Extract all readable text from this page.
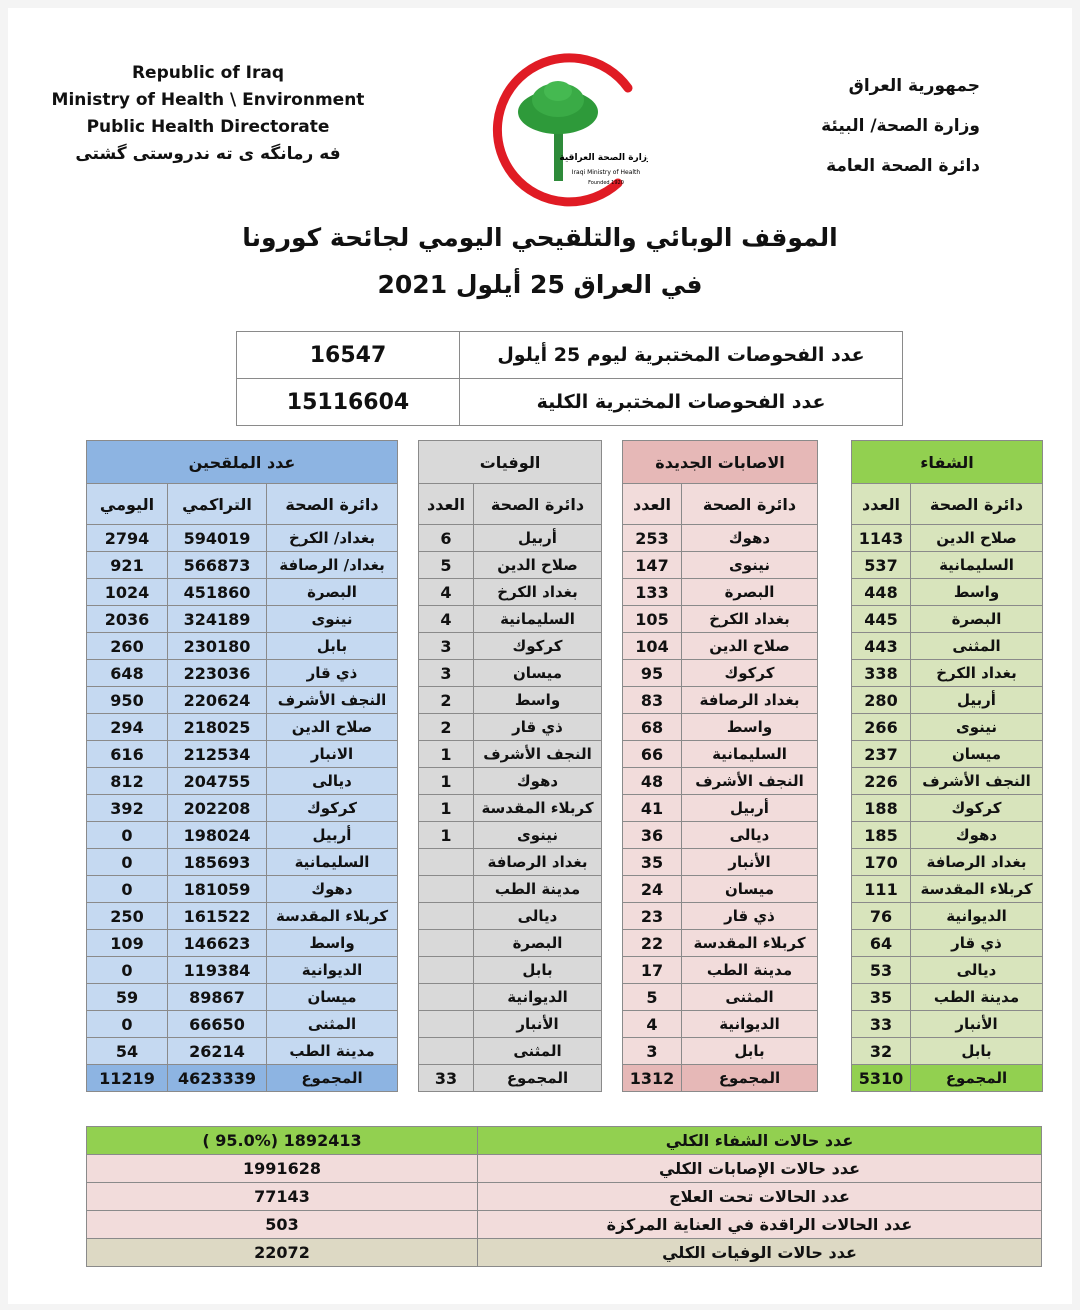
Republic of Iraq
Ministry of Health \ Environment
Public Health Directorate
فه رمانگه ى ته ندروستى گشتى	وزارة الصحة العراقية
Iraqi Ministry of Health
Founded 1920
جمهورية العراق
وزارة الصحة/ البيئة
دائرة الصحة العامة
الموقف الوبائي والتلقيحي اليومي لجائحة كورونا
في العراق 25 أيلول 2021
16547	عدد الفحوصات المختبرية ليوم 25 أيلول
15116604	عدد الفحوصات المختبرية الكلية
الشفاء	
العدد	دائرة الصحة
1143	صلاح الدين
537	السليمانية
448	واسط
445	البصرة
443	المثنى
338	بغداد الكرخ
280	أربيل
266	نينوى
237	ميسان
226	النجف الأشرف
188	كركوك
185	دهوك
170	بغداد الرصافة
111	كربلاء المقدسة
76	الديوانية
64	ذي قار
53	ديالى
35	مدينة الطب
33	الأنبار
32	بابل
5310	المجموع
الاصابات الجديدة	
العدد	دائرة الصحة
253	دهوك
147	نينوى
133	البصرة
105	بغداد الكرخ
104	صلاح الدين
95	كركوك
83	بغداد الرصافة
68	واسط
66	السليمانية
48	النجف الأشرف
41	أربيل
36	ديالى
35	الأنبار
24	ميسان
23	ذي قار
22	كربلاء المقدسة
17	مدينة الطب
5	المثنى
4	الديوانية
3	بابل
1312	المجموع
الوفيات	
العدد	دائرة الصحة
6	أربيل
5	صلاح الدين
4	بغداد الكرخ
4	السليمانية
3	كركوك
3	ميسان
2	واسط
2	ذي قار
1	النجف الأشرف
1	دهوك
1	كربلاء المقدسة
1	نينوى
	بغداد الرصافة
	مدينة الطب
	ديالى
	البصرة
	بابل
	الديوانية
	الأنبار
	المثنى
33	المجموع
عدد الملقحين		
اليومي	التراكمي	دائرة الصحة
2794	594019	بغداد/ الكرخ
921	566873	بغداد/ الرصافة
1024	451860	البصرة
2036	324189	نينوى
260	230180	بابل
648	223036	ذي قار
950	220624	النجف الأشرف
294	218025	صلاح الدين
616	212534	الانبار
812	204755	ديالى
392	202208	كركوك
0	198024	أربيل
0	185693	السليمانية
0	181059	دهوك
250	161522	كربلاء المقدسة
109	146623	واسط
0	119384	الديوانية
59	89867	ميسان
0	66650	المثنى
54	26214	مدينة الطب
11219	4623339	المجموع
( 95.0%) 1892413	عدد حالات الشفاء الكلي
1991628	عدد حالات الإصابات الكلي
77143	عدد الحالات تحت العلاج
503	عدد الحالات الراقدة في العناية المركزة
22072	عدد حالات الوفيات الكلي
